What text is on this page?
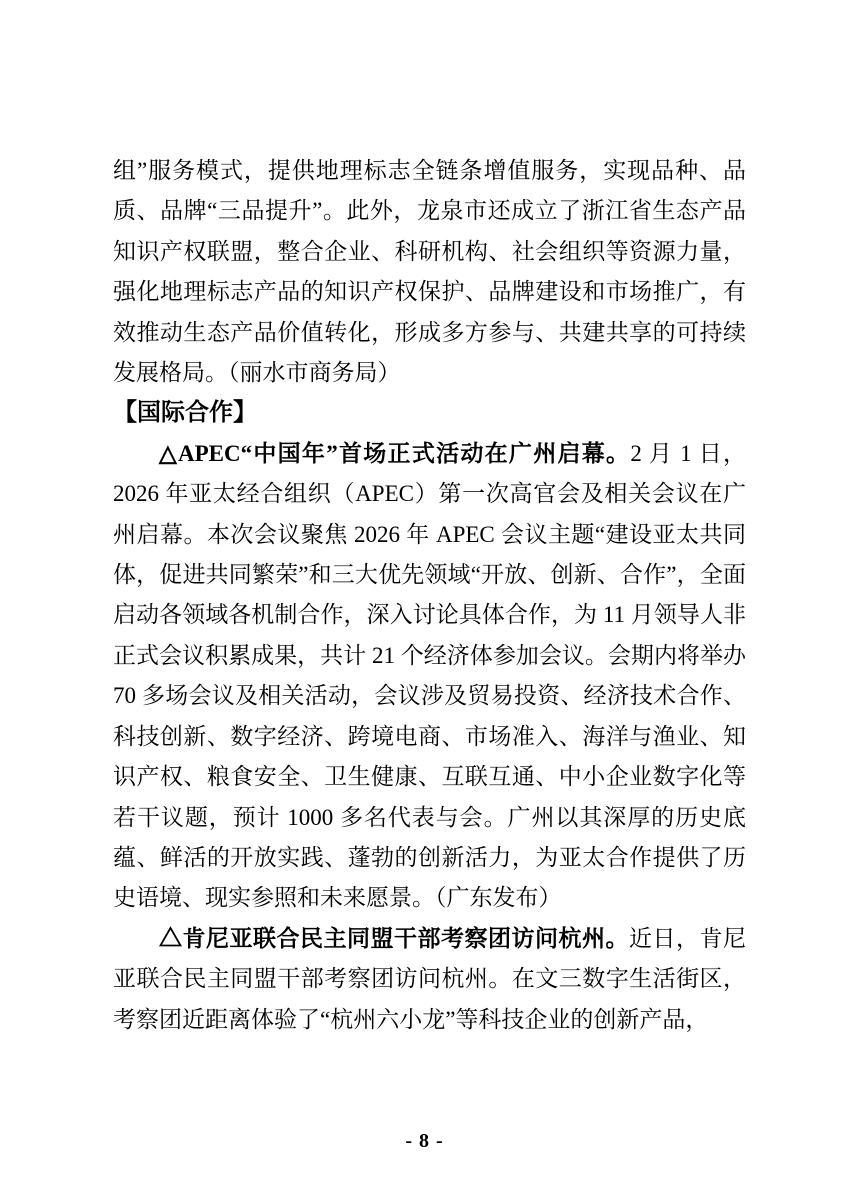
组”服务模式，提供地理标志全链条增值服务，实现品种、品质、品牌“三品提升”。此外，龙泉市还成立了浙江省生态产品知识产权联盟，整合企业、科研机构、社会组织等资源力量，强化地理标志产品的知识产权保护、品牌建设和市场推广，有效推动生态产品价值转化，形成多方参与、共建共享的可持续发展格局。（丽水市商务局）

【国际合作】

△APEC“中国年”首场正式活动在广州启幕。2 月 1 日，2026 年亚太经合组织（APEC）第一次高官会及相关会议在广州启幕。本次会议聚焦 2026 年 APEC 会议主题“建设亚太共同体，促进共同繁荣”和三大优先领域“开放、创新、合作”，全面启动各领域各机制合作，深入讨论具体合作，为 11 月领导人非正式会议积累成果，共计 21 个经济体参加会议。会期内将举办 70 多场会议及相关活动，会议涉及贸易投资、经济技术合作、科技创新、数字经济、跨境电商、市场准入、海洋与渔业、知识产权、粮食安全、卫生健康、互联互通、中小企业数字化等若干议题，预计 1000 多名代表与会。广州以其深厚的历史底蕴、鲜活的开放实践、蓬勃的创新活力，为亚太合作提供了历史语境、现实参照和未来愿景。（广东发布）

△肯尼亚联合民主同盟干部考察团访问杭州。近日，肯尼亚联合民主同盟干部考察团访问杭州。在文三数字生活街区，考察团近距离体验了“杭州六小龙”等科技企业的创新产品，

- 8 -
